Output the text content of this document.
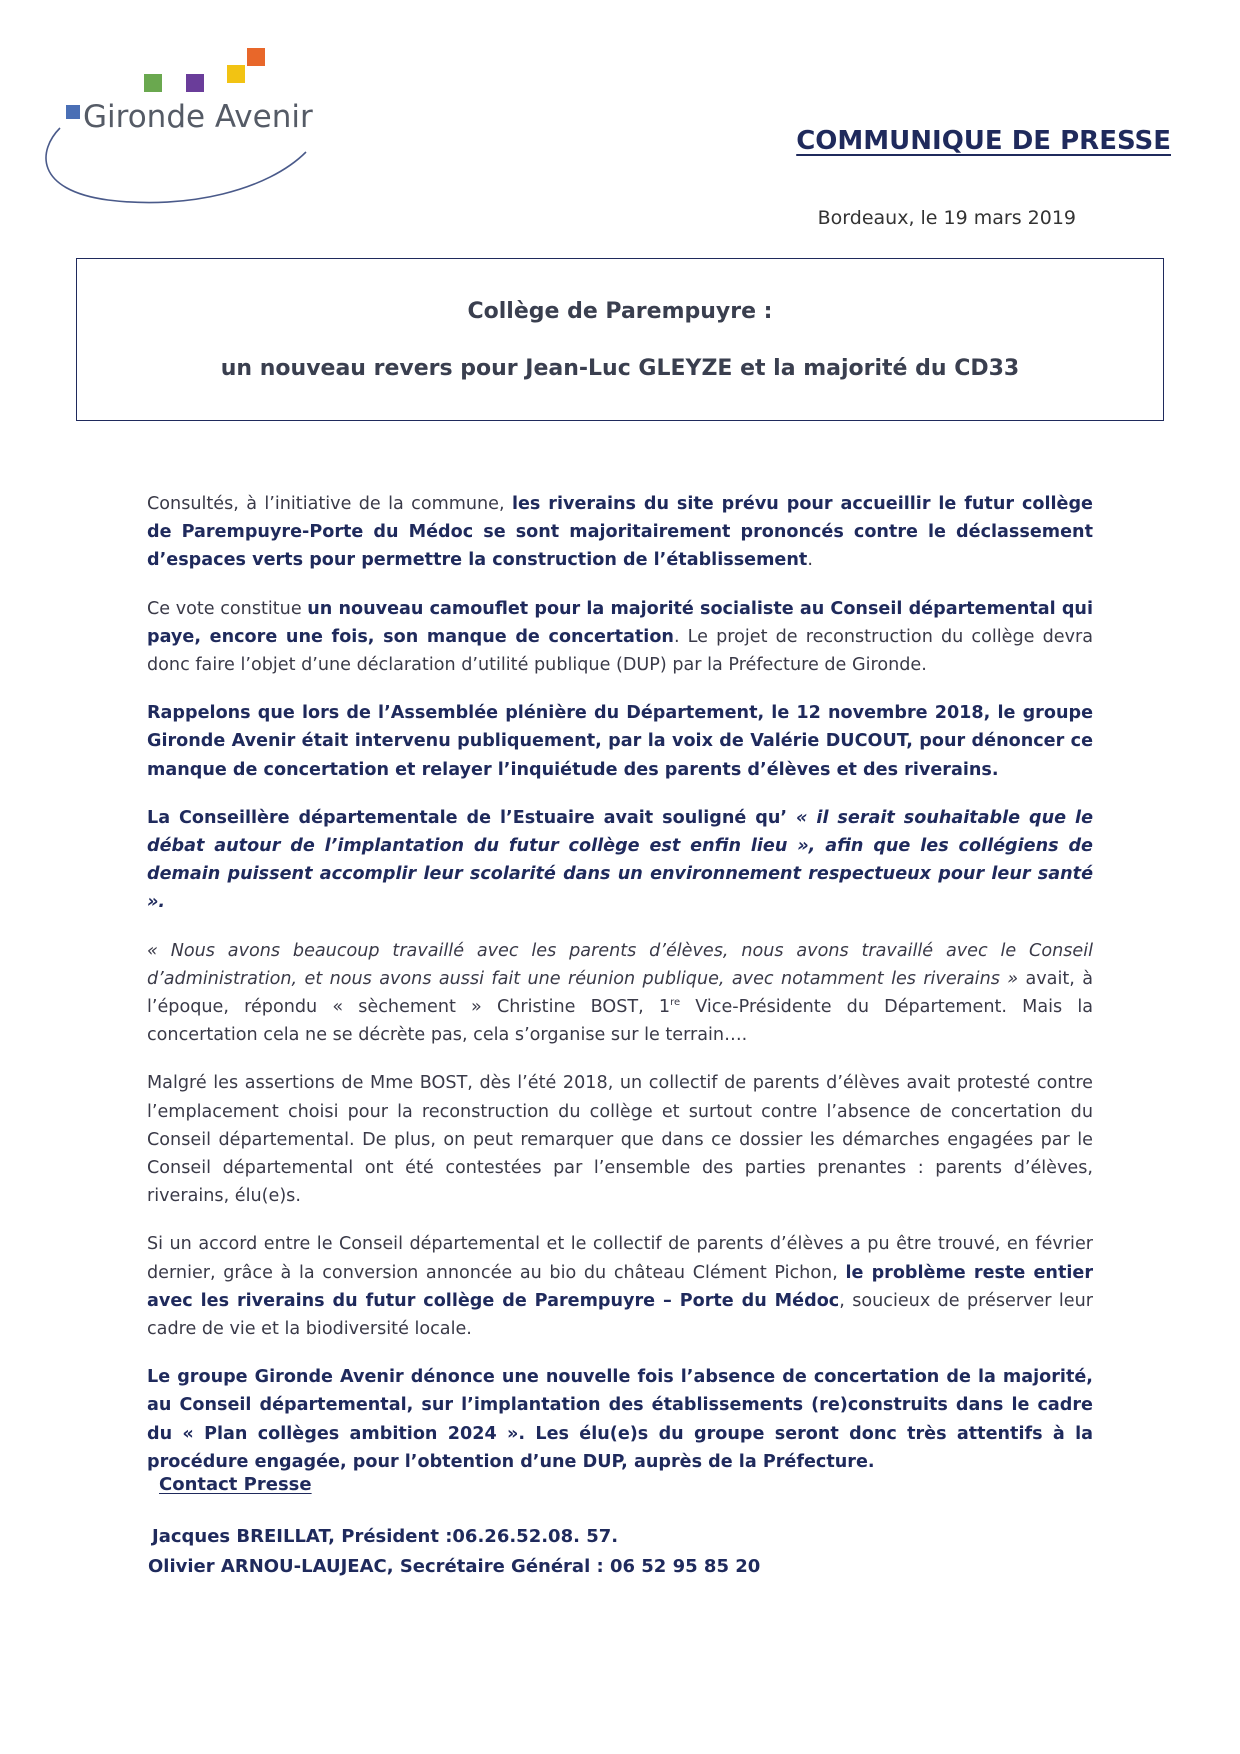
Gironde Avenir
COMMUNIQUE DE PRESSE
Bordeaux, le 19 mars 2019
Collège de Parempuyre :
un nouveau revers pour Jean-Luc GLEYZE et la majorité du CD33

Consultés, à l’initiative de la commune, les riverains du site prévu pour accueillir le futur collège de Parempuyre-Porte du Médoc se sont majoritairement prononcés contre le déclassement d’espaces verts pour permettre la construction de l’établissement.

Ce vote constitue un nouveau camouflet pour la majorité socialiste au Conseil départemental qui paye, encore une fois, son manque de concertation. Le projet de reconstruction du collège devra donc faire l’objet d’une déclaration d’utilité publique (DUP) par la Préfecture de Gironde.

Rappelons que lors de l’Assemblée plénière du Département, le 12 novembre 2018, le groupe Gironde Avenir était intervenu publiquement, par la voix de Valérie DUCOUT, pour dénoncer ce manque de concertation et relayer l’inquiétude des parents d’élèves et des riverains.

La Conseillère départementale de l’Estuaire avait souligné qu’ « il serait souhaitable que le débat autour de l’implantation du futur collège est enfin lieu », afin que les collégiens de demain puissent accomplir leur scolarité dans un environnement respectueux pour leur santé ».

« Nous avons beaucoup travaillé avec les parents d’élèves, nous avons travaillé avec le Conseil d’administration, et nous avons aussi fait une réunion publique, avec notamment les riverains » avait, à l’époque, répondu « sèchement » Christine BOST, 1re Vice-Présidente du Département. Mais la concertation cela ne se décrète pas, cela s’organise sur le terrain….

Malgré les assertions de Mme BOST, dès l’été 2018, un collectif de parents d’élèves avait protesté contre l’emplacement choisi pour la reconstruction du collège et surtout contre l’absence de concertation du Conseil départemental. De plus, on peut remarquer que dans ce dossier les démarches engagées par le Conseil départemental ont été contestées par l’ensemble des parties prenantes : parents d’élèves, riverains, élu(e)s.

Si un accord entre le Conseil départemental et le collectif de parents d’élèves a pu être trouvé, en février dernier, grâce à la conversion annoncée au bio du château Clément Pichon, le problème reste entier avec les riverains du futur collège de Parempuyre – Porte du Médoc, soucieux de préserver leur cadre de vie et la biodiversité locale.

Le groupe Gironde Avenir dénonce une nouvelle fois l’absence de concertation de la majorité, au Conseil départemental, sur l’implantation des établissements (re)construits dans le cadre du « Plan collèges ambition 2024 ». Les élu(e)s du groupe seront donc très attentifs à la procédure engagée, pour l’obtention d’une DUP, auprès de la Préfecture.

Contact Presse
Jacques BREILLAT, Président :06.26.52.08. 57.
Olivier ARNOU-LAUJEAC, Secrétaire Général : 06 52 95 85 20
